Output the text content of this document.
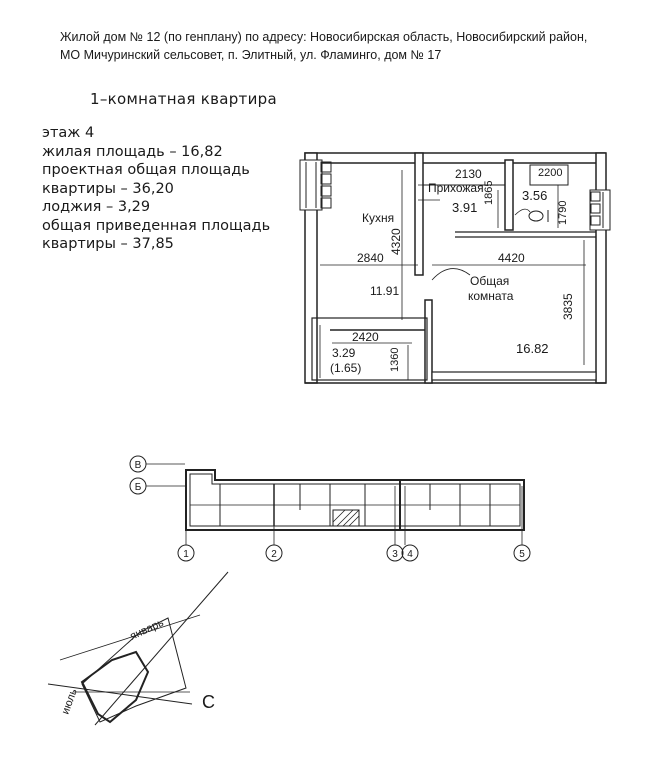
Жилой дом № 12 (по генплану) по адресу: Новосибирская область, Новосибирский район,
МО Мичуринский сельсовет, п. Элитный, ул. Фламинго, дом № 17
1–комнатная квартира
этаж 4
жилая площадь – 16,82
проектная общая площадь
квартиры – 36,20
лоджия – 3,29
общая приведенная площадь
квартиры – 37,85
Кухня
11.91
4320
2840
Прихожая
2130
3.91
1865
2200
3.56
1790
4420
Общая
комната	3835
16.82
2420
1360
3.29
(1.65)
В
Б
1	2	3 4	5
январь
июль	С
